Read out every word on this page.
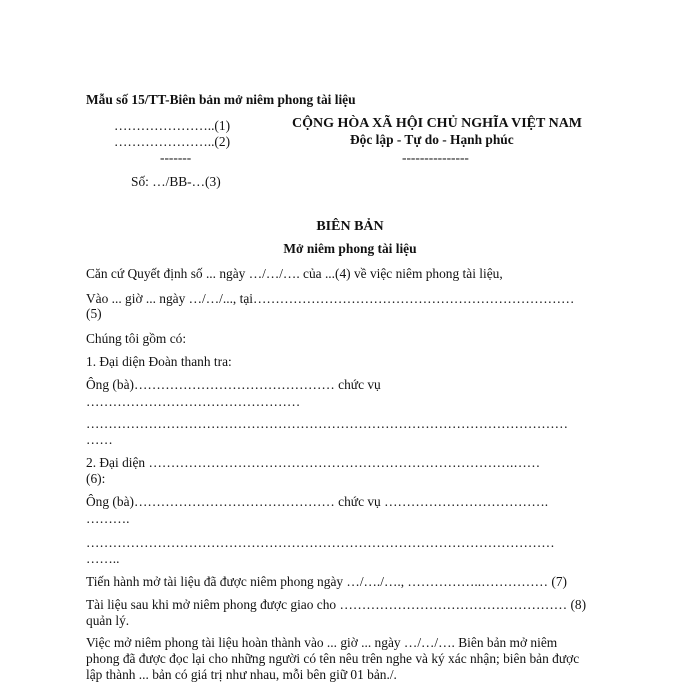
Mẫu số 15/TT-Biên bản mở niêm phong tài liệu
…………………..(1)
…………………..(2)
-------
Số: …/BB-…(3)
CỘNG HÒA XÃ HỘI CHỦ NGHĨA VIỆT NAM
Độc lập - Tự do - Hạnh phúc
---------------
BIÊN BẢN
Mở niêm phong tài liệu
Căn cứ Quyết định số ... ngày …/…/…. của ...(4) về việc niêm phong tài liệu,
Vào ... giờ ... ngày …/…/..., tại………………………………………………………………
(5)
Chúng tôi gồm có:
1. Đại diện Đoàn thanh tra:
Ông (bà)……………………………………… chức vụ
…………………………………………
………………………………………………………………………………………………
……
2. Đại diện ……………………………………………………………………….……
(6):
Ông (bà)……………………………………… chức vụ ……………………………….
……….
……………………………………………………………………………………………
……..
Tiến hành mở tài liệu đã được niêm phong ngày …/…./…., ……………..…………… (7)
Tài liệu sau khi mở niêm phong được giao cho …………………………………………… (8)
quản lý.
Việc mở niêm phong tài liệu hoàn thành vào ... giờ ... ngày …/…/…. Biên bản mở niêm
phong đã được đọc lại cho những người có tên nêu trên nghe và ký xác nhận; biên bản được
lập thành ... bản có giá trị như nhau, mỗi bên giữ 01 bản./.
